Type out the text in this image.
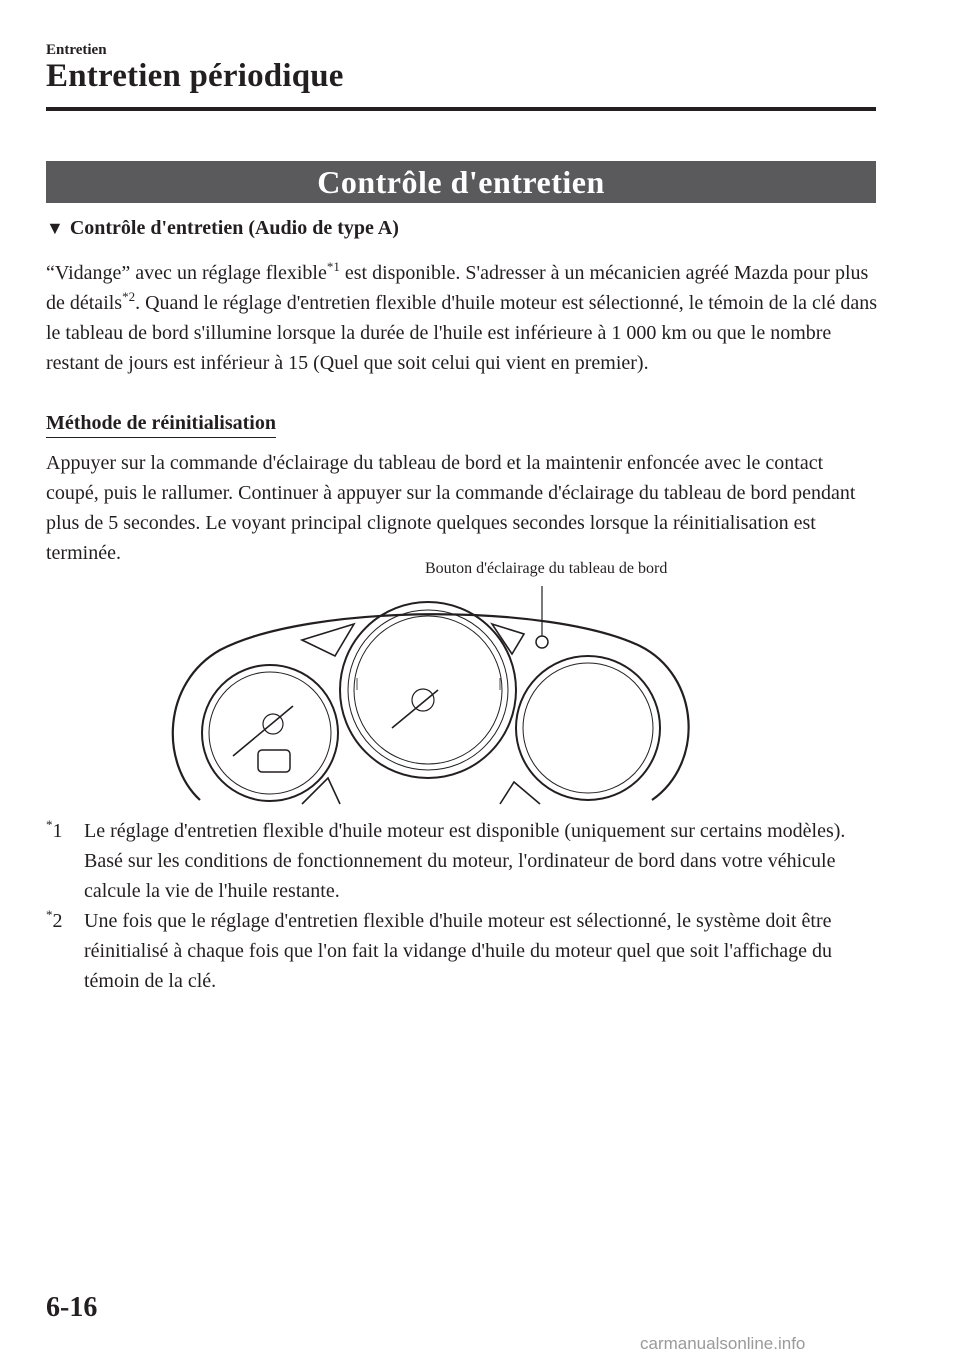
Entretien
Entretien périodique
Contrôle d'entretien
▼ Contrôle d'entretien (Audio de type A)
“Vidange” avec un réglage flexible$^{*1}$ est disponible. S'adresser à un mécanicien agréé Mazda pour plus de détails$^{*2}$. Quand le réglage d'entretien flexible d'huile moteur est sélectionné, le témoin de la clé dans le tableau de bord s'illumine lorsque la durée de l'huile est inférieure à 1 000 km ou que le nombre restant de jours est inférieur à 15 (Quel que soit celui qui vient en premier).
Méthode de réinitialisation
Appuyer sur la commande d'éclairage du tableau de bord et la maintenir enfoncée avec le contact coupé, puis le rallumer. Continuer à appuyer sur la commande d'éclairage du tableau de bord pendant plus de 5 secondes. Le voyant principal clignote quelques secondes lorsque la réinitialisation est terminée.
Bouton d'éclairage du tableau de bord
*1 Le réglage d'entretien flexible d'huile moteur est disponible (uniquement sur certains modèles). Basé sur les conditions de fonctionnement du moteur, l'ordinateur de bord dans votre véhicule calcule la vie de l'huile restante.
*2 Une fois que le réglage d'entretien flexible d'huile moteur est sélectionné, le système doit être réinitialisé à chaque fois que l'on fait la vidange d'huile du moteur quel que soit l'affichage du témoin de la clé.
6-16
carmanualsonline.info
